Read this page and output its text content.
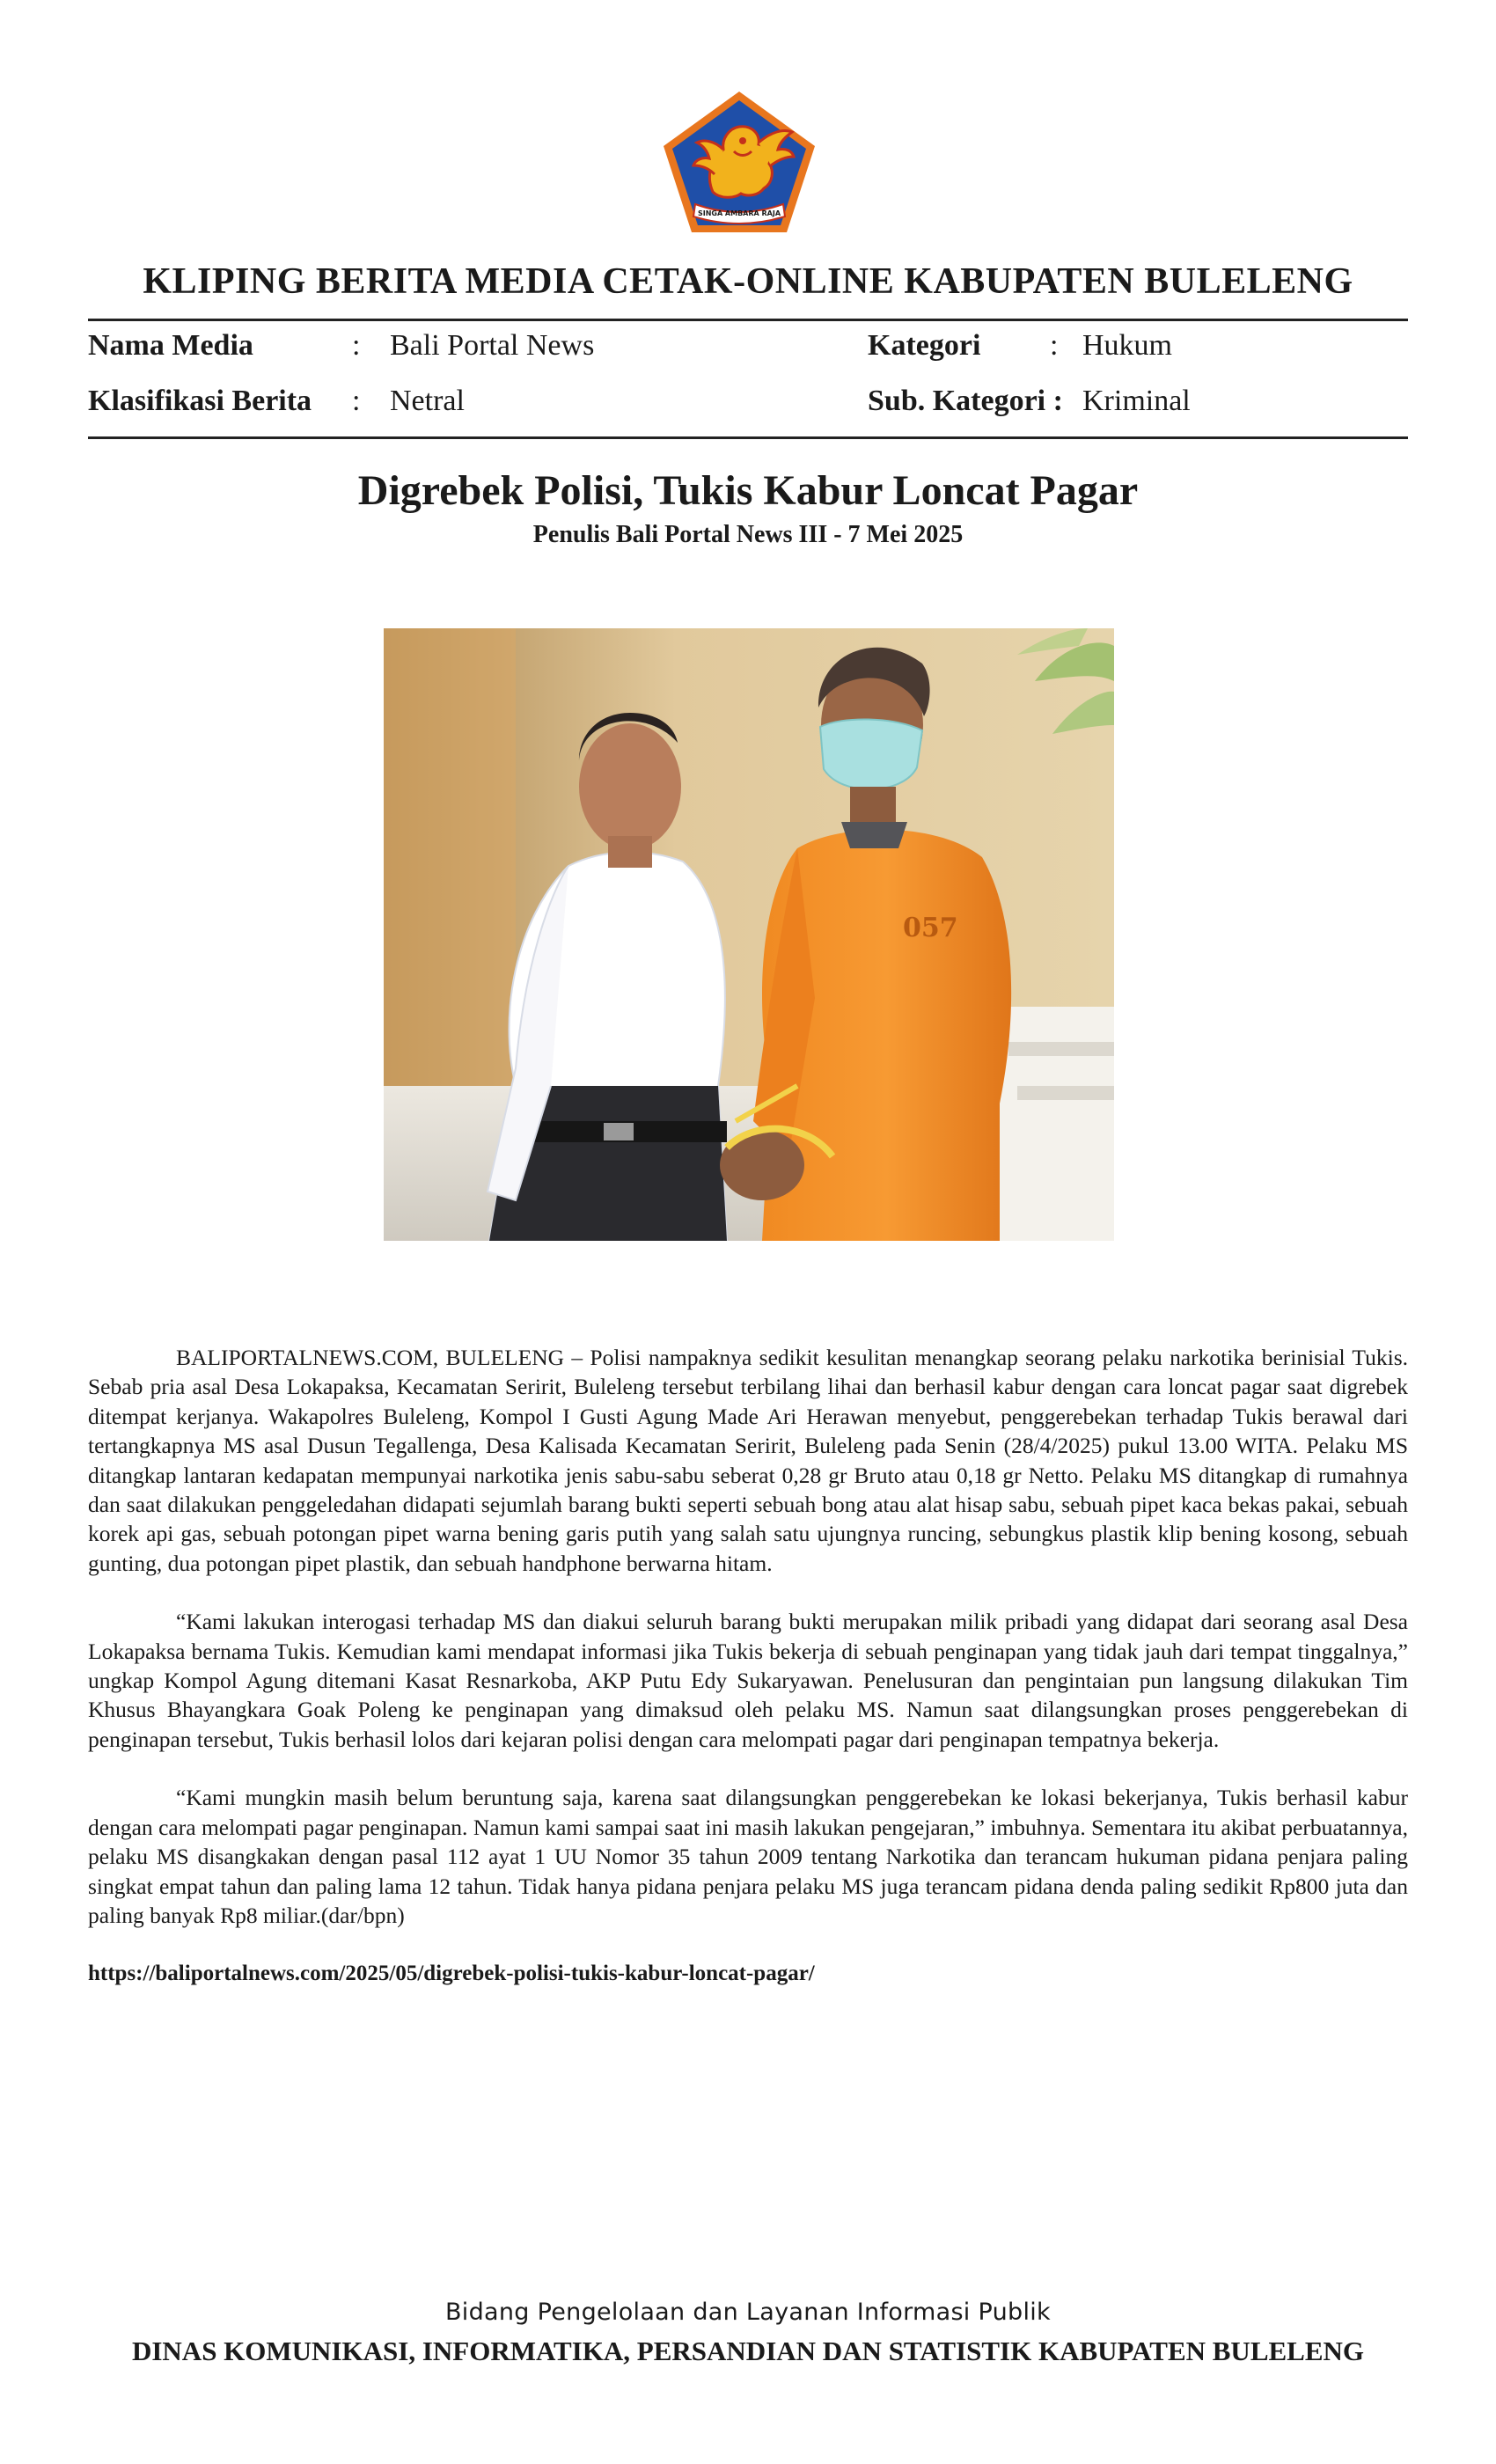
SINGA AMBARA RAJA
KLIPING BERITA MEDIA CETAK-ONLINE KABUPATEN BULELENG
Nama Media	: Bali Portal News
Klasifikasi Berita : Netral
Kategori : Hukum
Sub. Kategori : Kriminal
Digrebek Polisi, Tukis Kabur Loncat Pagar
Penulis Bali Portal News III - 7 Mei 2025
057

BALIPORTALNEWS.COM, BULELENG – Polisi nampaknya sedikit kesulitan menangkap seorang pelaku narkotika berinisial Tukis. Sebab pria asal Desa Lokapaksa, Kecamatan Seririt, Buleleng tersebut terbilang lihai dan berhasil kabur dengan cara loncat pagar saat digrebek ditempat kerjanya. Wakapolres Buleleng, Kompol I Gusti Agung Made Ari Herawan menyebut, penggerebekan terhadap Tukis berawal dari tertangkapnya MS asal Dusun Tegallenga, Desa Kalisada Kecamatan Seririt, Buleleng pada Senin (28/4/2025) pukul 13.00 WITA. Pelaku MS ditangkap lantaran kedapatan mempunyai narkotika jenis sabu-sabu seberat 0,28 gr Bruto atau 0,18 gr Netto. Pelaku MS ditangkap di rumahnya dan saat dilakukan penggeledahan didapati sejumlah barang bukti seperti sebuah bong atau alat hisap sabu, sebuah pipet kaca bekas pakai, sebuah korek api gas, sebuah potongan pipet warna bening garis putih yang salah satu ujungnya runcing, sebungkus plastik klip bening kosong, sebuah gunting, dua potongan pipet plastik, dan sebuah handphone berwarna hitam.

“Kami lakukan interogasi terhadap MS dan diakui seluruh barang bukti merupakan milik pribadi yang didapat dari seorang asal Desa Lokapaksa bernama Tukis. Kemudian kami mendapat informasi jika Tukis bekerja di sebuah penginapan yang tidak jauh dari tempat tinggalnya,” ungkap Kompol Agung ditemani Kasat Resnarkoba, AKP Putu Edy Sukaryawan. Penelusuran dan pengintaian pun langsung dilakukan Tim Khusus Bhayangkara Goak Poleng ke penginapan yang dimaksud oleh pelaku MS. Namun saat dilangsungkan proses penggerebekan di penginapan tersebut, Tukis berhasil lolos dari kejaran polisi dengan cara melompati pagar dari penginapan tempatnya bekerja.

“Kami mungkin masih belum beruntung saja, karena saat dilangsungkan penggerebekan ke lokasi bekerjanya, Tukis berhasil kabur dengan cara melompati pagar penginapan. Namun kami sampai saat ini masih lakukan pengejaran,” imbuhnya. Sementara itu akibat perbuatannya, pelaku MS disangkakan dengan pasal 112 ayat 1 UU Nomor 35 tahun 2009 tentang Narkotika dan terancam hukuman pidana penjara paling singkat empat tahun dan paling lama 12 tahun. Tidak hanya pidana penjara pelaku MS juga terancam pidana denda paling sedikit Rp800 juta dan paling banyak Rp8 miliar.(dar/bpn)

https://baliportalnews.com/2025/05/digrebek-polisi-tukis-kabur-loncat-pagar/
Bidang Pengelolaan dan Layanan Informasi Publik
DINAS KOMUNIKASI, INFORMATIKA, PERSANDIAN DAN STATISTIK KABUPATEN BULELENG
